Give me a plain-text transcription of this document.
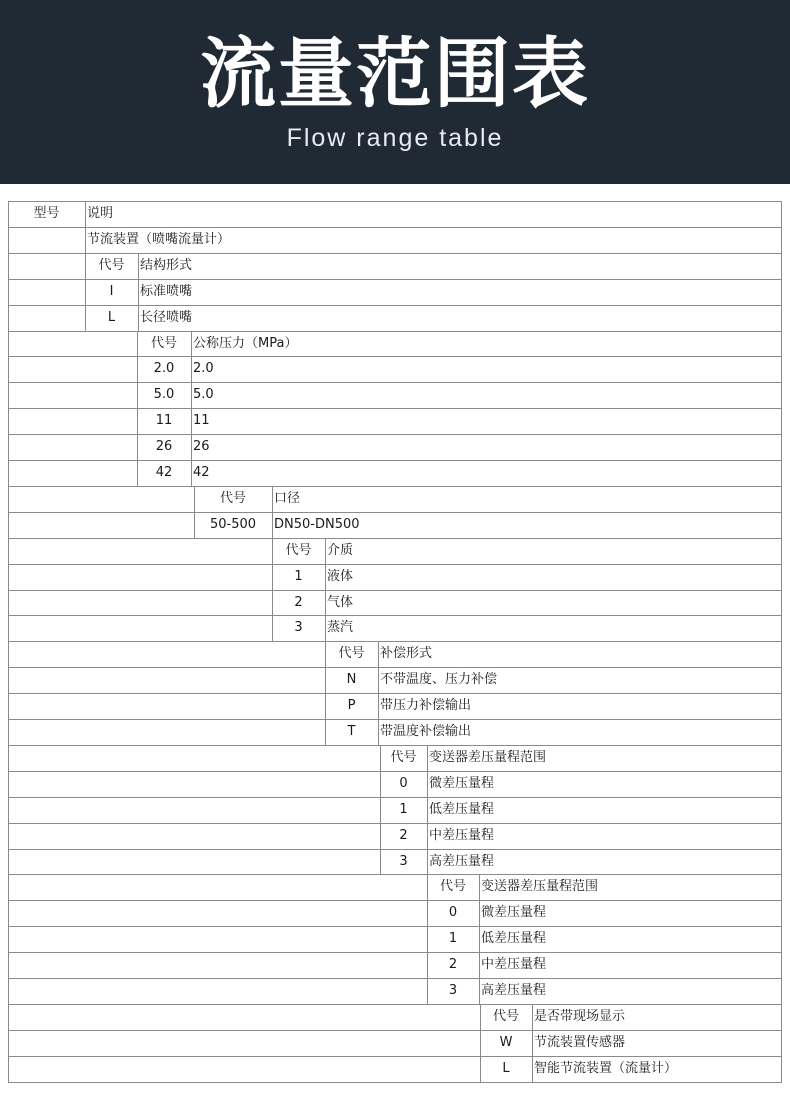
流量范围表
Flow range table
型号	说明
节流装置（喷嘴流量计）
代号	结构形式
I	标准喷嘴
L	长径喷嘴
代号	公称压力（MPa）
2.0	2.0
5.0	5.0
11	11
26	26
42	42
代号	口径
50-500	DN50-DN500
代号	介质
1	液体
2	气体
3	蒸汽
代号	补偿形式
N	不带温度、压力补偿
P	带压力补偿输出
T	带温度补偿输出
代号 变送器差压量程范围
0	微差压量程
1	低差压量程
2	中差压量程
3	高差压量程
代号	变送器差压量程范围
0	微差压量程
1	低差压量程
2	中差压量程
3	高差压量程
代号	是否带现场显示
W	节流装置传感器
L	智能节流装置（流量计）
